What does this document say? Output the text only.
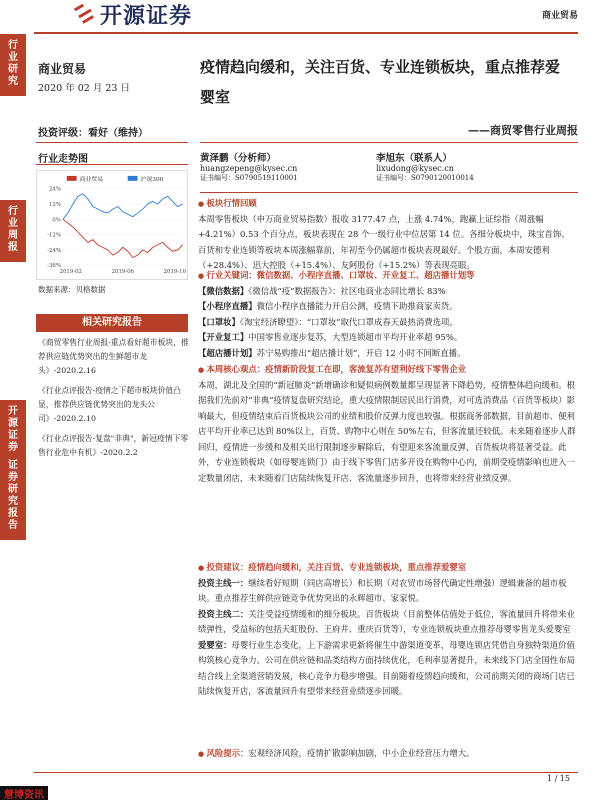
行
业
研
究
行
业
周
报
开
源
证
券
证
券
研
究
报
告
开源证券	商业贸易
商业贸易
2020 年 02 月 23 日
投资评级：看好（维持）
疫情趋向缓和，关注百货、专业连锁板块，重点推荐爱婴室
——商贸零售行业周报
行业走势图
商业贸易	沪深300
24%
12%
0%
-12%
-24%
-36%
2019-02	2019-06	2019-10
数据来源：贝格数据
黄泽鹏（分析师）
huangzepeng@kysec.cn
证书编号：S0790519110001
李旭东（联系人）
lixudong@kysec.cn
证书编号：S0790120010014
相关研究报告
《商贸零售行业周报-重点看好超市板块，推荐供应链优势突出的生鲜超市龙头》-2020.2.16
《行业点评报告-疫情之下超市板块价值凸显，推荐供应链优势突出的龙头公司》-2020.2.10
《行业点评报告-复盘"非典"，新冠疫情下零售行业危中有机》-2020.2.2
● 板块行情回顾
本周零售板块（申万商业贸易指数）报收 3177.47 点，上涨 4.74%，跑赢上证综指（周涨幅+4.21%）0.53 个百分点，板块表现在 28 个一级行业中位居第 14 位。各细分板块中，珠宝首饰、百货和专业连锁等板块本周涨幅靠前，年初至今仍属超市板块表现最好。个股方面，本周安德利（+28.4%）、迅大控股（+15.4%）、友阿股份（+15.2%）等表现亮眼。
● 行业关键词：微信数据、小程序直播、口罩妆、开业复工、超店播计划等
【微信数据】《微信战“疫”数据报告》：社区电商业态同比增长 83%
【小程序直播】微信小程序直播能力开启公测，疫情下助推商家卖货。
【口罩妆】《淘宝经济瞭望》：“口罩妆”取代口罩成春天最热消费选项。
【开业复工】中国零售业逐步复苏，大型连锁超市平均开业率超 95%。
【超店播计划】苏宁易购推出“超店播计划”，开启 12 小时不间断直播。
● 本周核心观点：疫情新阶段复工在即，客流复苏有望利好线下零售企业
本周，湖北及全国的“新冠肺炎”新增确诊和疑似病例数量都呈现显著下降趋势，疫情整体趋向缓和。根据我们先前对“非典”疫情复盘研究结论，重大疫情限制居民出行消费，对可选消费品（百货等板块）影响最大，但疫情结束后百货板块公司的业绩和股价反弹力度也较强。根据商务部数据，目前超市、便利店平均开业率已达到 80%以上，百货、购物中心则在 50%左右，但客流量还较低。未来随着逐步人群回归，疫情进一步缓和及相关出行限制逐步解除后，有望迎来客流量反弹，百货板块将显著受益。此外，专业连锁板块（如母婴连锁门）由于线下零售门店多开设在购物中心内，前期受疫情影响也进入一定数量闭店，未来随着门店陆续恢复开店、客流量逐步回升，也将带来经营业绩反弹。
● 投资建议：疫情趋向缓和，关注百货、专业连锁板块，重点推荐爱婴室
投资主线一：继续看好短期（同店高增长）和长期（对农贸市场替代确定性增强）逻辑兼备的超市板块。重点推荐生鲜供应链竞争优势突出的永辉超市、家家悦。
投资主线二：关注受益疫情缓和的细分板块。百货板块（目前整体估值处于低位，客流量回升将带来业绩弹性，受益标的包括天虹股份、王府井、重庆百货等），专业连锁板块重点推荐母婴零售龙头爱婴室
爱婴室：母婴行业生态变化，上下游需求更新将催生中游渠道变革，母婴连锁店凭借自身独特渠道价值构筑核心竞争力。公司在供应链和品类结构方面持续优化，毛利率显著提升，未来线下门店全国性布局结合线上全渠道营销发展，核心竞争力稳步增强。目前随着疫情趋向缓和，公司前期关闭的商场门店已陆续恢复开店，客流量回升有望带来经营业绩逐步回暖。
● 风险提示：宏观经济风险，疫情扩散影响加剧，中小企业经营压力增大。
1 / 15
慧博资讯
